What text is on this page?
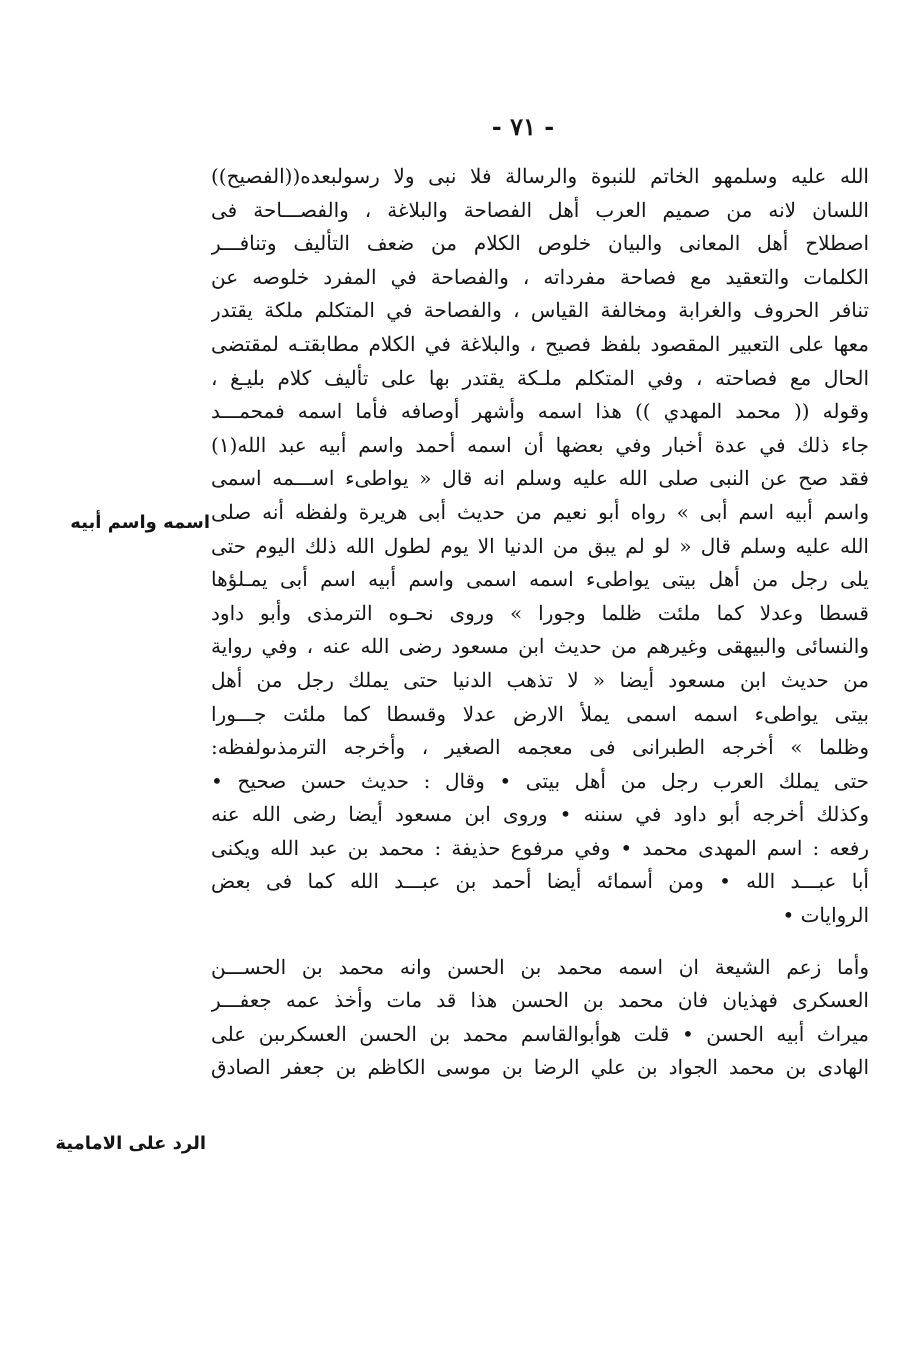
- ٧١ -
اسمه واسم أبيه
الرد على الامامية
الله عليه وسلمهو الخاتم للنبوة والرسالة فلا نبى ولا رسولبعده((الفصيح))
اللسان لانه من صميم العرب أهل الفصاحة والبلاغة ، والفصـــاحة فى
اصطلاح أهل المعانى والبيان خلوص الكلام من ضعف التأليف وتنافـــر
الكلمات والتعقيد مع فصاحة مفرداته ، والفصاحة في المفرد خلوصه عن
تنافر الحروف والغرابة ومخالفة القياس ، والفصاحة في المتكلم ملكة يقتدر
معها على التعبير المقصود بلفظ فصيح ، والبلاغة في الكلام مطابقتـه لمقتضى
الحال مع فصاحته ، وفي المتكلم ملـكة يقتدر بها على تأليف كلام بليـغ ،
وقوله (( محمد المهدي )) هذا اسمه وأشهر أوصافه فأما اسمه فمحمـــد
جاء ذلك في عدة أخبار وفي بعضها أن اسمه أحمد واسم أبيه عبد الله(١)
فقد صح عن النبى صلى الله عليه وسلم انه قال « يواطىء اســـمه اسمى
واسم أبيه اسم أبى » رواه أبو نعيم من حديث أبى هريرة ولفظه أنه صلى
الله عليه وسلم قال « لو لم يبق من الدنيا الا يوم لطول الله ذلك اليوم حتى
يلى رجل من أهل بيتى يواطىء اسمه اسمى واسم أبيه اسم أبى يمـلؤها
قسطا وعدلا كما ملئت ظلما وجورا » وروى نحـوه الترمذى وأبو داود
والنسائى والبيهقى وغيرهم من حديث ابن مسعود رضى الله عنه ، وفي رواية
من حديث ابن مسعود أيضا « لا تذهب الدنيا حتى يملك رجل من أهل
بيتى يواطىء اسمه اسمى يملأ الارض عدلا وقسطا كما ملئت جـــورا
وظلما » أخرجه الطبرانى فى معجمه الصغير ، وأخرجه الترمذىولفظه:
حتى يملك العرب رجل من أهل بيتى • وقال : حديث حسن صحيح •
وكذلك أخرجه أبو داود في سننه • وروى ابن مسعود أيضا رضى الله عنه
رفعه : اسم المهدى محمد • وفي مرفوع حذيفة : محمد بن عبد الله ويكنى
أبا عبـــد الله • ومن أسمائه أيضا أحمد بن عبـــد الله كما فى بعض
الروايات •
وأما زعم الشيعة ان اسمه محمد بن الحسن وانه محمد بن الحســـن
العسكرى فهذيان فان محمد بن الحسن هذا قد مات وأخذ عمه جعفـــر
ميراث أبيه الحسن • قلت هوأبوالقاسم محمد بن الحسن العسكرىبن على
الهادى بن محمد الجواد بن علي الرضا بن موسى الكاظم بن جعفر الصادق
